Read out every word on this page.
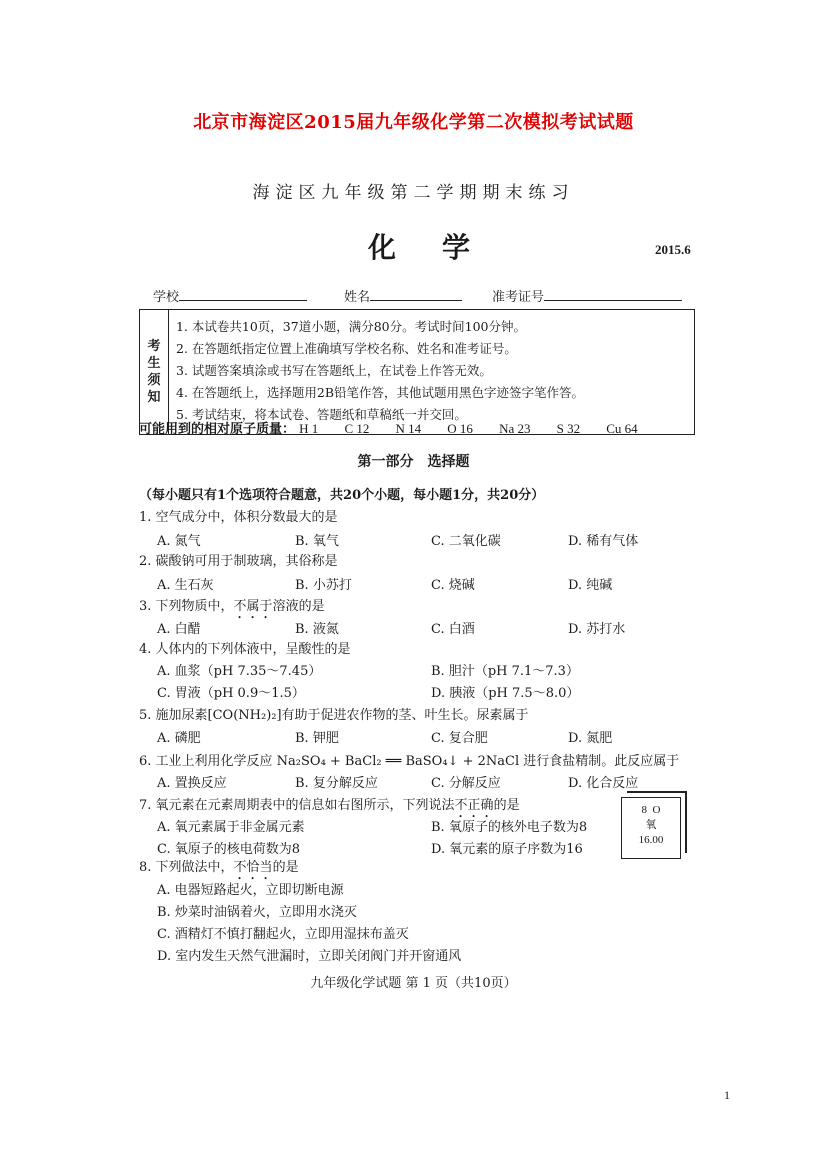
北京市海淀区2015届九年级化学第二次模拟考试试题
海淀区九年级第二学期期末练习
化学	2015.6
学校	姓名	准考证号
考
生
须
知
1. 本试卷共10页，37道小题，满分80分。考试时间100分钟。
2. 在答题纸指定位置上准确填写学校名称、姓名和准考证号。
3. 试题答案填涂或书写在答题纸上，在试卷上作答无效。
4. 在答题纸上，选择题用2B铅笔作答，其他试题用黑色字迹签字笔作答。
5. 考试结束，将本试卷、答题纸和草稿纸一并交回。
可能用到的相对原子质量： H 1 C 12 N 14 O 16 Na 23 S 32 Cu 64
第一部分　选择题
（每小题只有1个选项符合题意，共20个小题，每小题1分，共20分）
1. 空气成分中，体积分数最大的是
A. 氮气	B. 氧气	C. 二氧化碳	D. 稀有气体
2. 碳酸钠可用于制玻璃，其俗称是
A. 生石灰	B. 小苏打	C. 烧碱	D. 纯碱
3. 下列物质中，不属于溶液的是
A. 白醋	B. 液氮	C. 白酒	D. 苏打水
4. 人体内的下列体液中，呈酸性的是
A. 血浆（pH 7.35～7.45）	B. 胆汁（pH 7.1～7.3）
C. 胃液（pH 0.9～1.5）	D. 胰液（pH 7.5～8.0）
5. 施加尿素[CO(NH₂)₂]有助于促进农作物的茎、叶生长。尿素属于
A. 磷肥	B. 钾肥	C. 复合肥	D. 氮肥
6. 工业上利用化学反应 Na₂SO₄ + BaCl₂ ══ BaSO₄↓ + 2NaCl 进行食盐精制。此反应属于
A. 置换反应	B. 复分解反应	C. 分解反应	D. 化合反应
7. 氧元素在元素周期表中的信息如右图所示，下列说法不正确的是
A. 氧元素属于非金属元素	B. 氧原子的核外电子数为8
C. 氧原子的核电荷数为8	D. 氧元素的原子序数为16
8 O
氧
16.00
8. 下列做法中，不恰当的是
A. 电器短路起火，立即切断电源
B. 炒菜时油锅着火，立即用水浇灭
C. 酒精灯不慎打翻起火，立即用湿抹布盖灭
D. 室内发生天然气泄漏时，立即关闭阀门并开窗通风
九年级化学试题 第 1 页（共10页）
1
